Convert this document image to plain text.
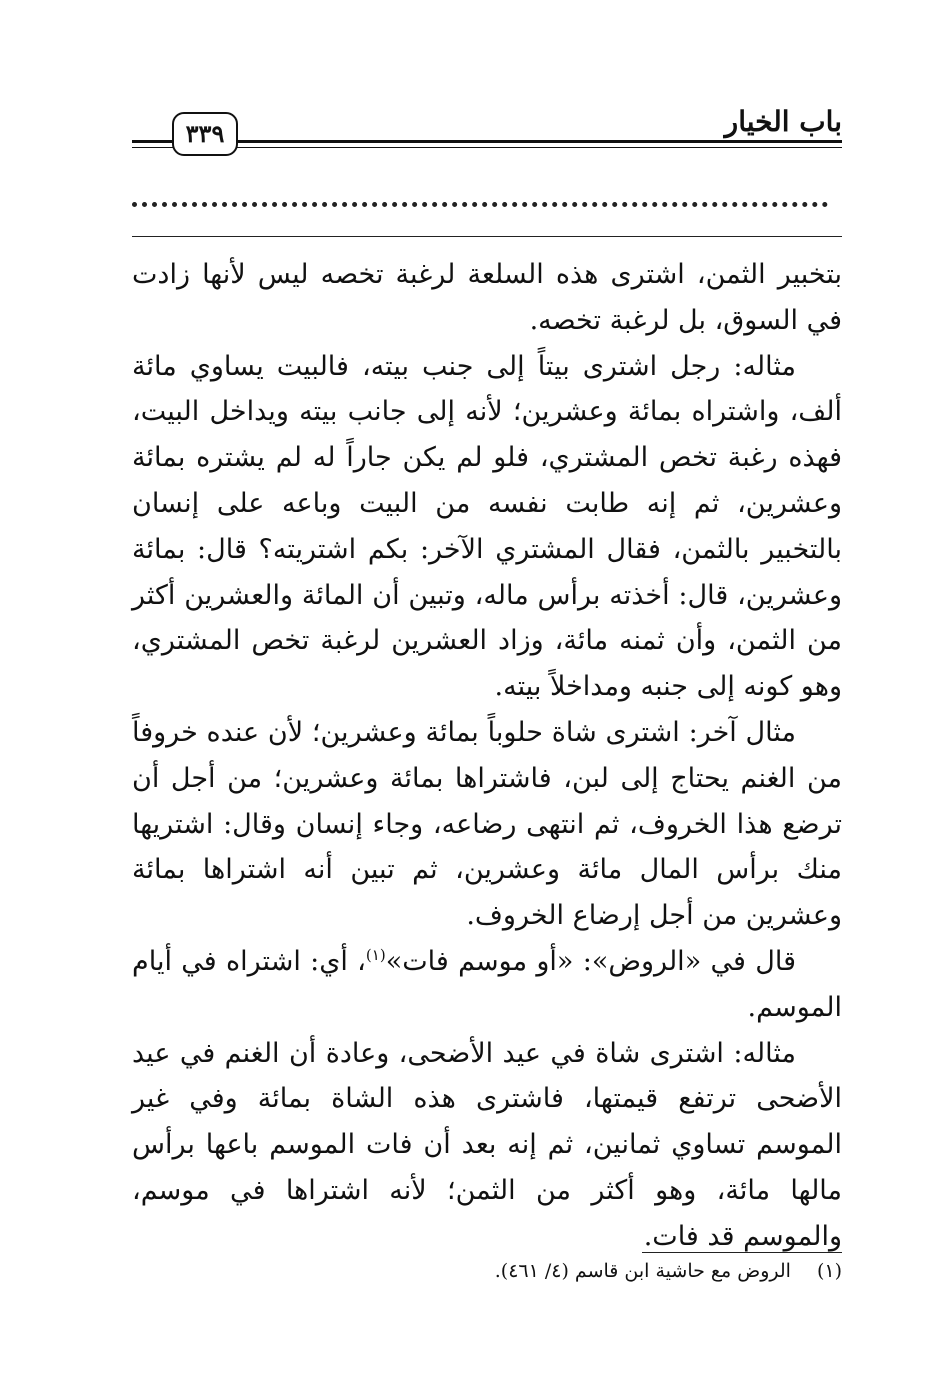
باب الخيار
٣٣٩

بتخبير الثمن، اشترى هذه السلعة لرغبة تخصه ليس لأنها زادت في السوق، بل لرغبة تخصه.

مثاله: رجل اشترى بيتاً إلى جنب بيته، فالبيت يساوي مائة ألف، واشتراه بمائة وعشرين؛ لأنه إلى جانب بيته ويداخل البيت، فهذه رغبة تخص المشتري، فلو لم يكن جاراً له لم يشتره بمائة وعشرين، ثم إنه طابت نفسه من البيت وباعه على إنسان بالتخبير بالثمن، فقال المشتري الآخر: بكم اشتريته؟ قال: بمائة وعشرين، قال: أخذته برأس ماله، وتبين أن المائة والعشرين أكثر من الثمن، وأن ثمنه مائة، وزاد العشرين لرغبة تخص المشتري، وهو كونه إلى جنبه ومداخلاً بيته.

مثال آخر: اشترى شاة حلوباً بمائة وعشرين؛ لأن عنده خروفاً من الغنم يحتاج إلى لبن، فاشتراها بمائة وعشرين؛ من أجل أن ترضع هذا الخروف، ثم انتهى رضاعه، وجاء إنسان وقال: اشتريها منك برأس المال مائة وعشرين، ثم تبين أنه اشتراها بمائة وعشرين من أجل إرضاع الخروف.

قال في «الروض»: «أو موسم فات»$^{(١)}$، أي: اشتراه في أيام الموسم.

مثاله: اشترى شاة في عيد الأضحى، وعادة أن الغنم في عيد الأضحى ترتفع قيمتها، فاشترى هذه الشاة بمائة وفي غير الموسم تساوي ثمانين، ثم إنه بعد أن فات الموسم باعها برأس مالها مائة، وهو أكثر من الثمن؛ لأنه اشتراها في موسم، والموسم قد فات.

(١)الروض مع حاشية ابن قاسم (٤/ ٤٦١).
